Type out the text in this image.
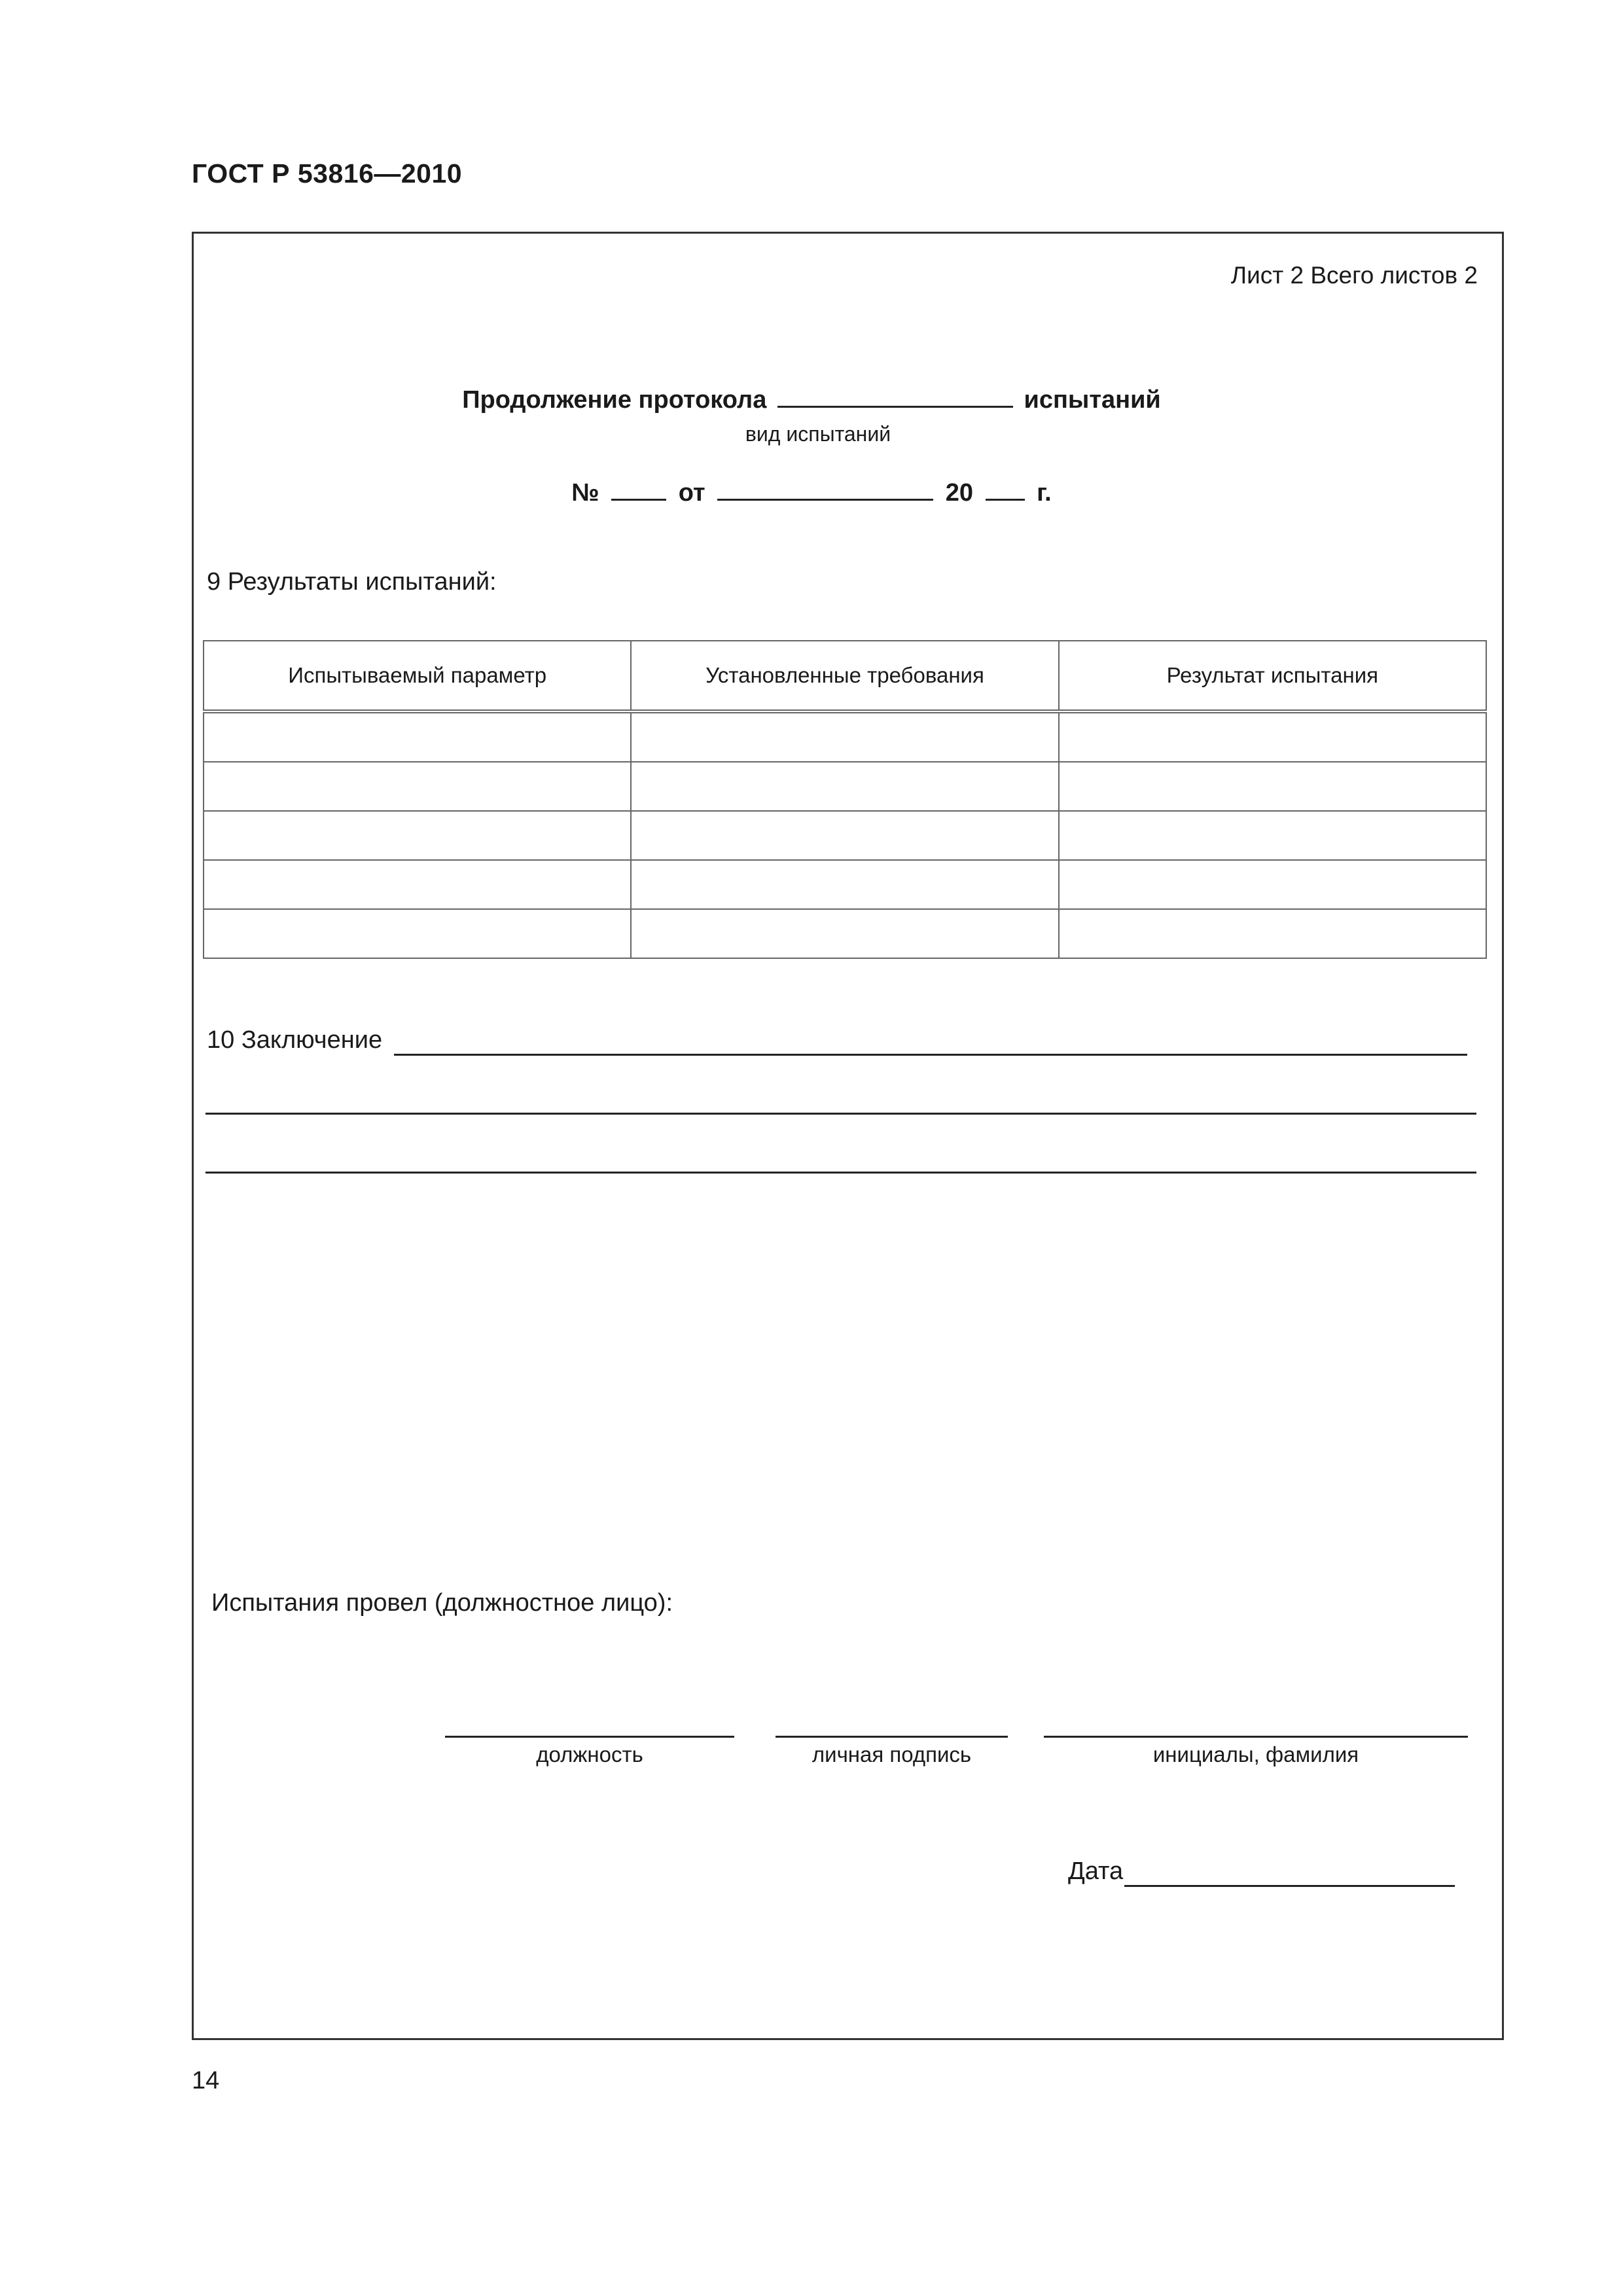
ГОСТ Р 53816—2010
Лист 2 Всего листов 2
Продолжение протокола	испытаний
вид испытаний
№	от	20	г.
9 Результаты испытаний:
Испытываемый параметр	Установленные требования	Результат испытания

10 Заключение
Испытания провел (должностное лицо):
должность	личная подпись	инициалы, фамилия
Дата
14
